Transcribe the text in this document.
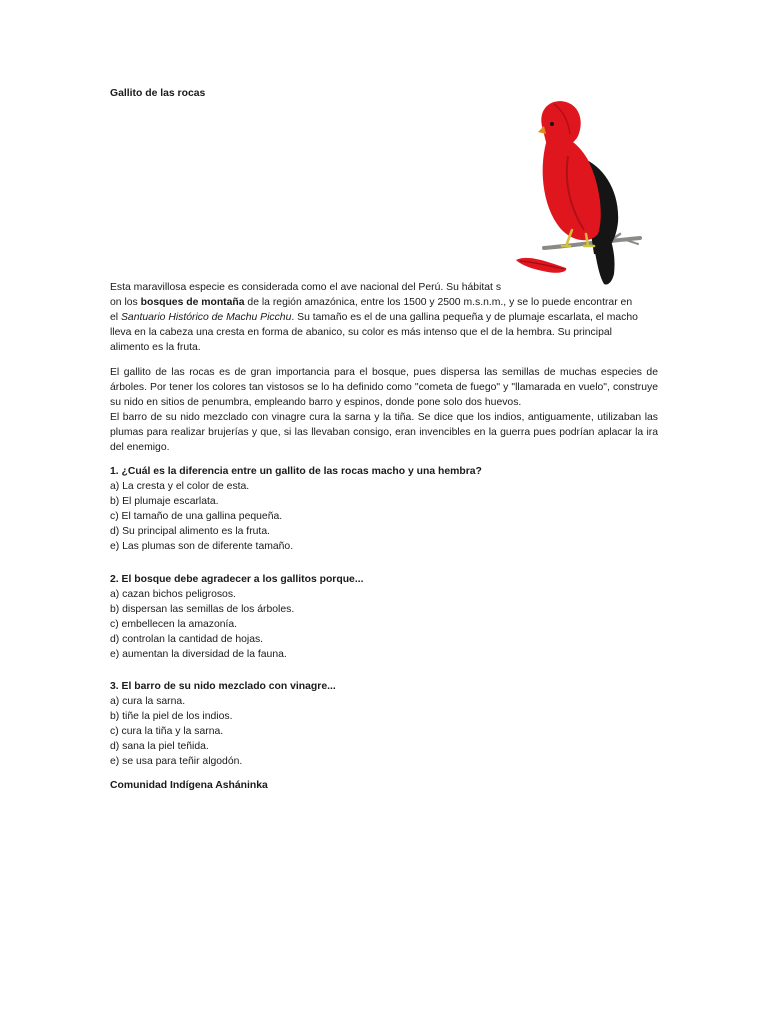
Gallito de las rocas
Esta maravillosa especie es considerada como el ave nacional del Perú. Su hábitat s
on los bosques de montaña de la región amazónica, entre los 1500 y 2500 m.s.n.m., y se lo puede encontrar en
el Santuario Histórico de Machu Picchu. Su tamaño es el de una gallina pequeña y de plumaje escarlata, el macho
lleva en la cabeza una cresta en forma de abanico, su color es más intenso que el de la hembra. Su principal
alimento es la fruta.
El gallito de las rocas es de gran importancia para el bosque, pues dispersa las semillas de muchas especies de árboles. Por tener los colores tan vistosos se lo ha definido como "cometa de fuego" y "llamarada en vuelo", construye su nido en sitios de penumbra, empleando barro y espinos, donde pone solo dos huevos.
El barro de su nido mezclado con vinagre cura la sarna y la tiña. Se dice que los indios, antiguamente, utilizaban las plumas para realizar brujerías y que, si las llevaban consigo, eran invencibles en la guerra pues podrían aplacar la ira del enemigo.
1. ¿Cuál es la diferencia entre un gallito de las rocas macho y una hembra?
a) La cresta y el color de esta.
b) El plumaje escarlata.
c) El tamaño de una gallina pequeña.
d) Su principal alimento es la fruta.
e) Las plumas son de diferente tamaño.
2. El bosque debe agradecer a los gallitos porque...
a) cazan bichos peligrosos.
b) dispersan las semillas de los árboles.
c) embellecen la amazonía.
d) controlan la cantidad de hojas.
e) aumentan la diversidad de la fauna.
3. El barro de su nido mezclado con vinagre...
a) cura la sarna.
b) tiñe la piel de los indios.
c) cura la tiña y la sarna.
d) sana la piel teñida.
e) se usa para teñir algodón.
Comunidad Indígena Asháninka
